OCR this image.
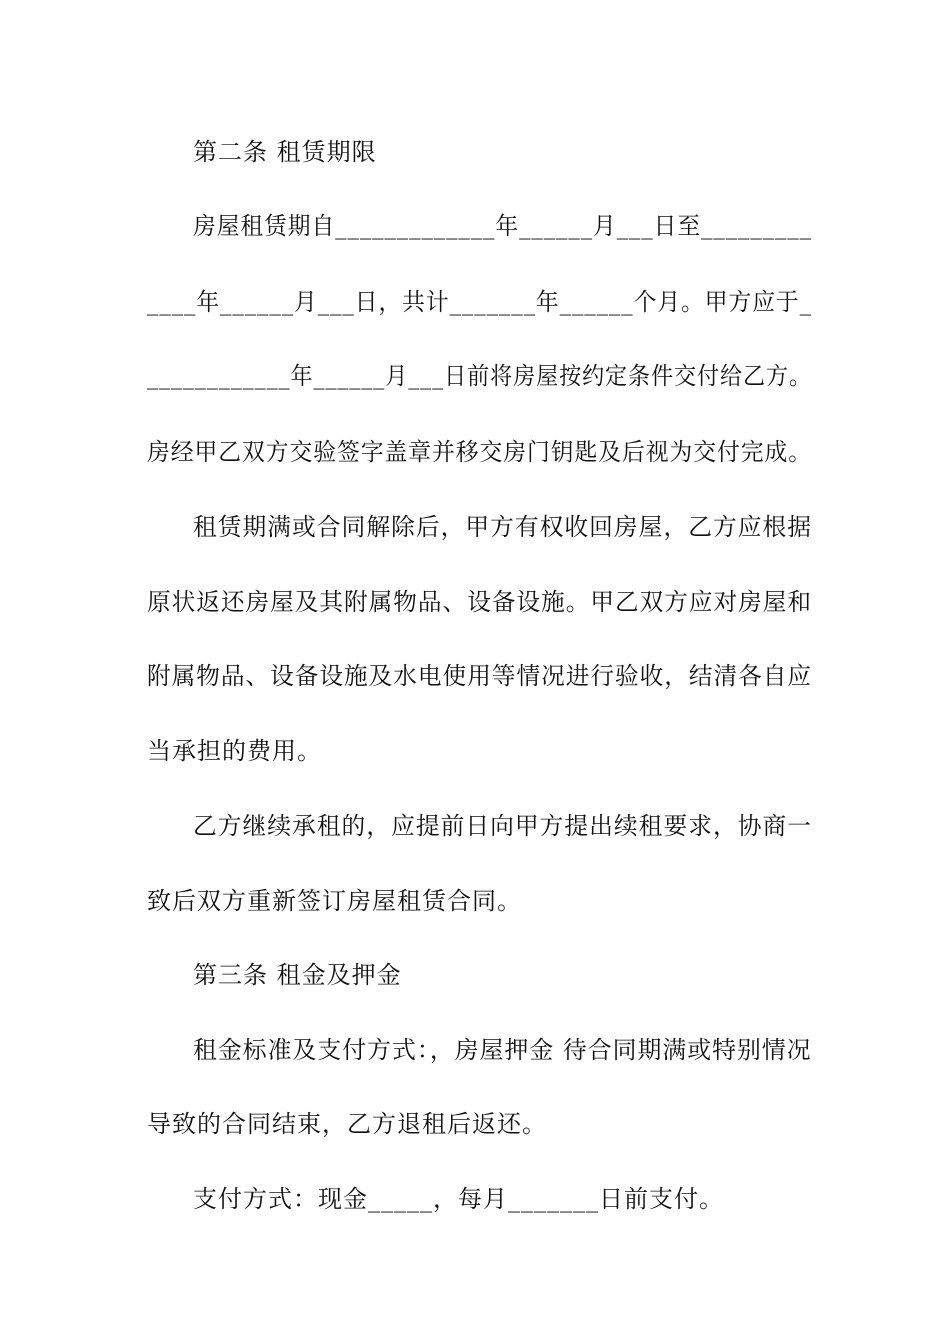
第二条 租赁期限
房屋租赁期自_____________年______月___日至_________
____年______月___日，共计_______年______个月。甲方应于_
____________年______月___日前将房屋按约定条件交付给乙方。
房经甲乙双方交验签字盖章并移交房门钥匙及后视为交付完成。
租赁期满或合同解除后，甲方有权收回房屋，乙方应根据
原状返还房屋及其附属物品、设备设施。甲乙双方应对房屋和
附属物品、设备设施及水电使用等情况进行验收，结清各自应
当承担的费用。
乙方继续承租的，应提前日向甲方提出续租要求，协商一
致后双方重新签订房屋租赁合同。
第三条 租金及押金
租金标准及支付方式：，房屋押金 待合同期满或特别情况
导致的合同结束，乙方退租后返还。
支付方式：现金_____，每月_______日前支付。
